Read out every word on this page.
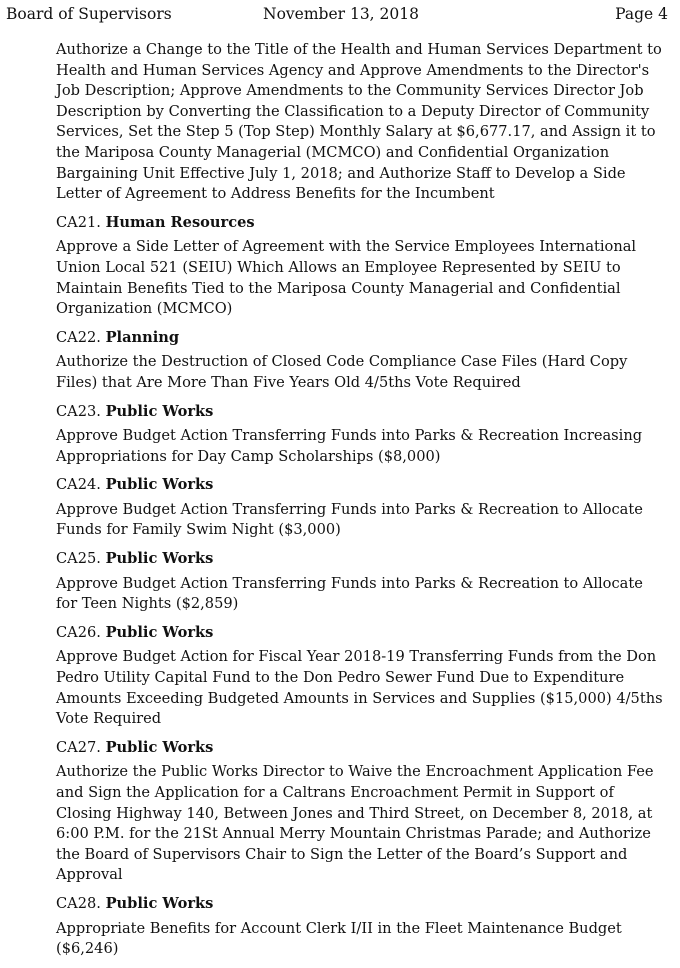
Board of Supervisors	November 13, 2018	Page 4

Authorize a Change to the Title of the Health and Human Services Department to Health and Human Services Agency and Approve Amendments to the Director's Job Description; Approve Amendments to the Community Services Director Job Description by Converting the Classification to a Deputy Director of Community Services, Set the Step 5 (Top Step) Monthly Salary at $6,677.17, and Assign it to the Mariposa County Managerial (MCMCO) and Confidential Organization Bargaining Unit Effective July 1, 2018; and Authorize Staff to Develop a Side Letter of Agreement to Address Benefits for the Incumbent

CA21. Human Resources

Approve a Side Letter of Agreement with the Service Employees International Union Local 521 (SEIU) Which Allows an Employee Represented by SEIU to Maintain Benefits Tied to the Mariposa County Managerial and Confidential Organization (MCMCO)

CA22. Planning

Authorize the Destruction of Closed Code Compliance Case Files (Hard Copy Files) that Are More Than Five Years Old 4/5ths Vote Required

CA23. Public Works

Approve Budget Action Transferring Funds into Parks & Recreation Increasing Appropriations for Day Camp Scholarships ($8,000)

CA24. Public Works

Approve Budget Action Transferring Funds into Parks & Recreation to Allocate Funds for Family Swim Night ($3,000)

CA25. Public Works

Approve Budget Action Transferring Funds into Parks & Recreation to Allocate for Teen Nights ($2,859)

CA26. Public Works

Approve Budget Action for Fiscal Year 2018-19 Transferring Funds from the Don Pedro Utility Capital Fund to the Don Pedro Sewer Fund Due to Expenditure Amounts Exceeding Budgeted Amounts in Services and Supplies ($15,000) 4/5ths Vote Required

CA27. Public Works

Authorize the Public Works Director to Waive the Encroachment Application Fee and Sign the Application for a Caltrans Encroachment Permit in Support of Closing Highway 140, Between Jones and Third Street, on December 8, 2018, at 6:00 P.M. for the 21St Annual Merry Mountain Christmas Parade; and Authorize the Board of Supervisors Chair to Sign the Letter of the Board’s Support and Approval

CA28. Public Works

Appropriate Benefits for Account Clerk I/II in the Fleet Maintenance Budget ($6,246)
